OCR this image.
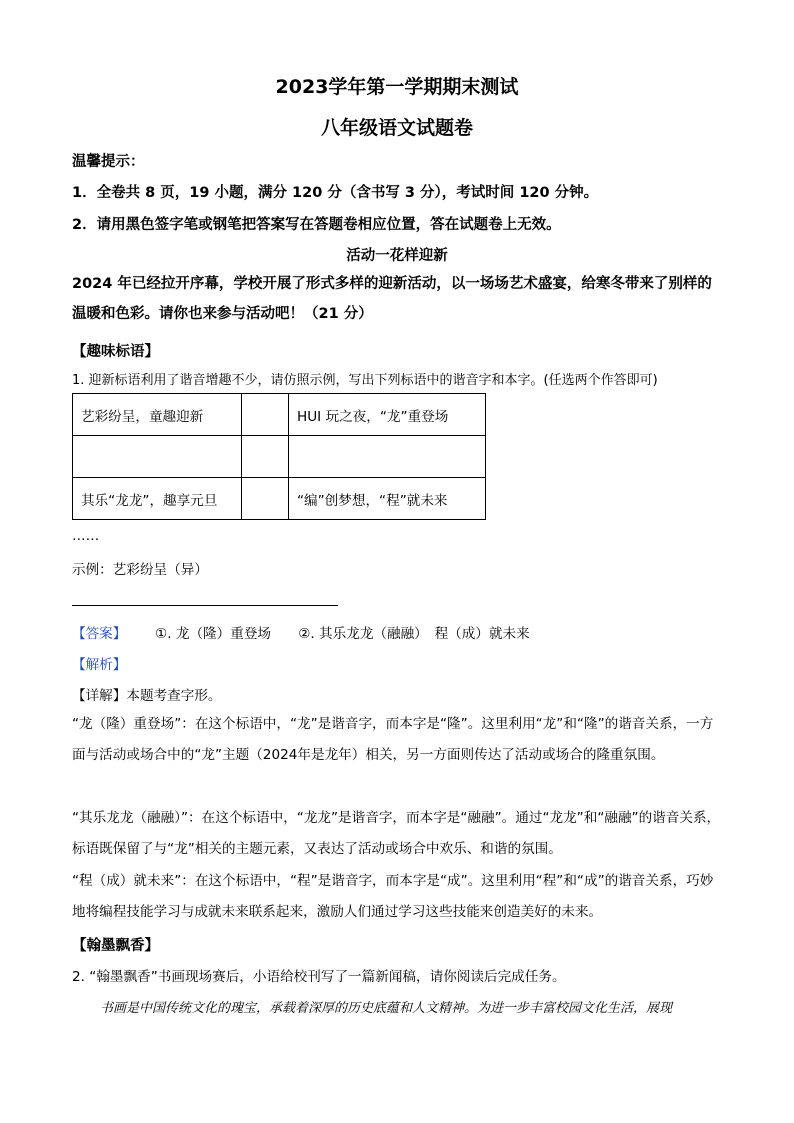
2023学年第一学期期末测试
八年级语文试题卷
温馨提示：
1．全卷共 8 页，19 小题，满分 120 分（含书写 3 分），考试时间 120 分钟。
2．请用黑色签字笔或钢笔把答案写在答题卷相应位置，答在试题卷上无效。
活动一花样迎新
2024 年已经拉开序幕，学校开展了形式多样的迎新活动，以一场场艺术盛宴，给寒冬带来了别样的温暖和色彩。请你也来参与活动吧！（21 分）
【趣味标语】
1. 迎新标语利用了谐音增趣不少，请仿照示例，写出下列标语中的谐音字和本字。(任选两个作答即可)
艺彩纷呈，童趣迎新		HUI 玩之夜，“龙”重登场

其乐“龙龙”，趣享元旦		“编”创梦想，“程”就未来
……
示例：艺彩纷呈（异）
【答案】 ①. 龙（隆）重登场　　②. 其乐龙龙（融融）　程（成）就未来
【解析】
【详解】本题考查字形。
“龙（隆）重登场”：在这个标语中，“龙”是谐音字，而本字是“隆”。这里利用“龙”和“隆”的谐音关系，一方面与活动或场合中的“龙”主题（2024年是龙年）相关，另一方面则传达了活动或场合的隆重氛围。
“其乐龙龙（融融）”：在这个标语中，“龙龙”是谐音字，而本字是“融融”。通过“龙龙”和“融融”的谐音关系，标语既保留了与“龙”相关的主题元素，又表达了活动或场合中欢乐、和谐的氛围。
“程（成）就未来”：在这个标语中，“程”是谐音字，而本字是“成”。这里利用“程”和“成”的谐音关系，巧妙地将编程技能学习与成就未来联系起来，激励人们通过学习这些技能来创造美好的未来。
【翰墨飘香】
2. “翰墨飘香”书画现场赛后，小语给校刊写了一篇新闻稿，请你阅读后完成任务。
书画是中国传统文化的瑰宝，承载着深厚的历史底蕴和人文精神。为进一步丰富校园文化生活，展现
